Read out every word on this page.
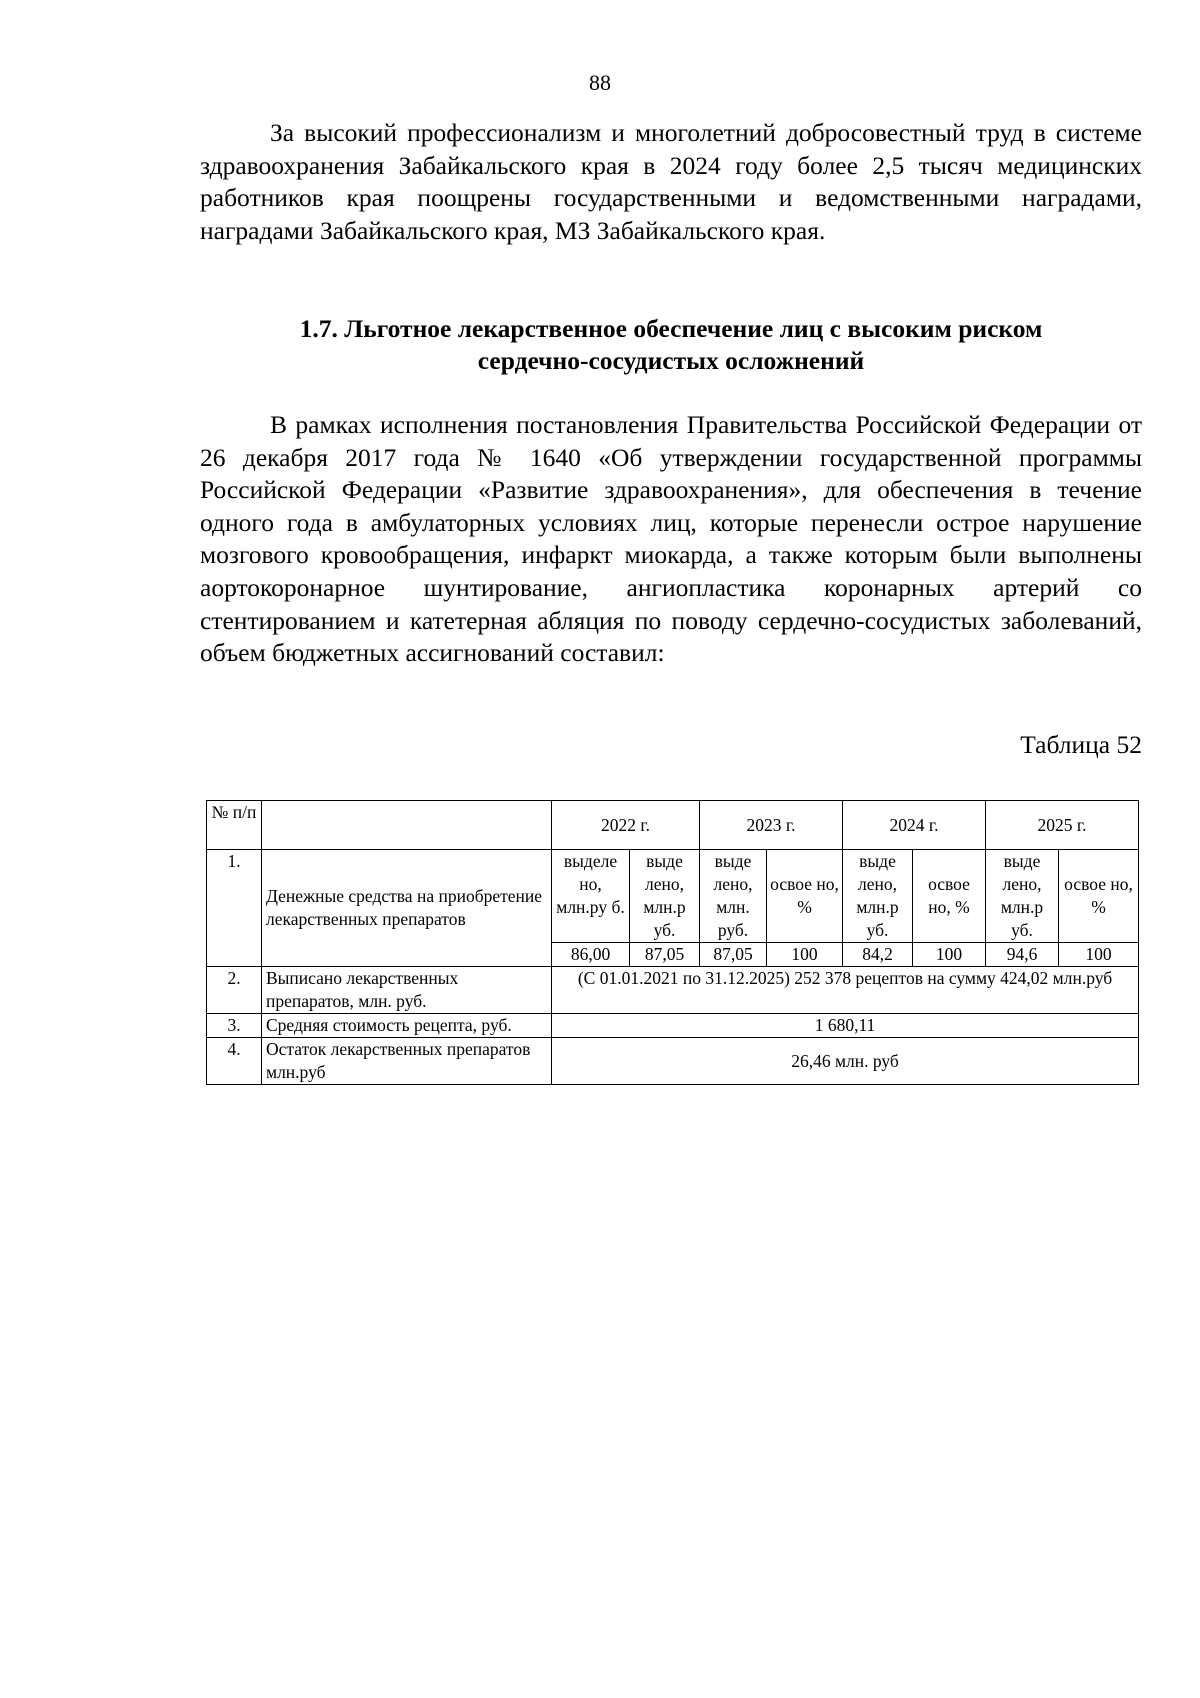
88

За высокий профессионализм и многолетний добросовестный труд в системе здравоохранения Забайкальского края в 2024 году более 2,5 тысяч медицинских работников края поощрены государственными и ведомственными наградами, наградами Забайкальского края, МЗ Забайкальского края.

1.7. Льготное лекарственное обеспечение лиц с высоким риском
сердечно-сосудистых осложнений

В рамках исполнения постановления Правительства Российской Федерации от 26 декабря 2017 года № 1640 «Об утверждении государственной программы Российской Федерации «Развитие здравоохранения», для обеспечения в течение одного года в амбулаторных условиях лиц, которые перенесли острое нарушение мозгового кровообращения, инфаркт миокарда, а также которым были выполнены аортокоронарное шунтирование, ангиопластика коронарных артерий со стентированием и катетерная абляция по поводу сердечно-сосудистых заболеваний, объем бюджетных ассигнований составил:

Таблица 52
№ п/п		2022 г.		2023 г.		2024 г.		2025 г.	
1.	Денежные средства на приобретение лекарственных препаратов	выделе но, млн.ру б.	выде лено, млн.р уб.	выде лено, млн. руб.	освое но, %	выде лено, млн.р уб.	освое но, %	выде лено, млн.р уб.	освое но, %
		86,00	87,05	87,05	100	84,2	100	94,6	100
2.	Выписано лекарственных препаратов, млн. руб.	(С 01.01.2021 по 31.12.2025) 252 378 рецептов на сумму 424,02 млн.руб							
3.	Средняя стоимость рецепта, руб.	1 680,11							
4.	Остаток лекарственных препаратов млн.руб	26,46 млн. руб							
